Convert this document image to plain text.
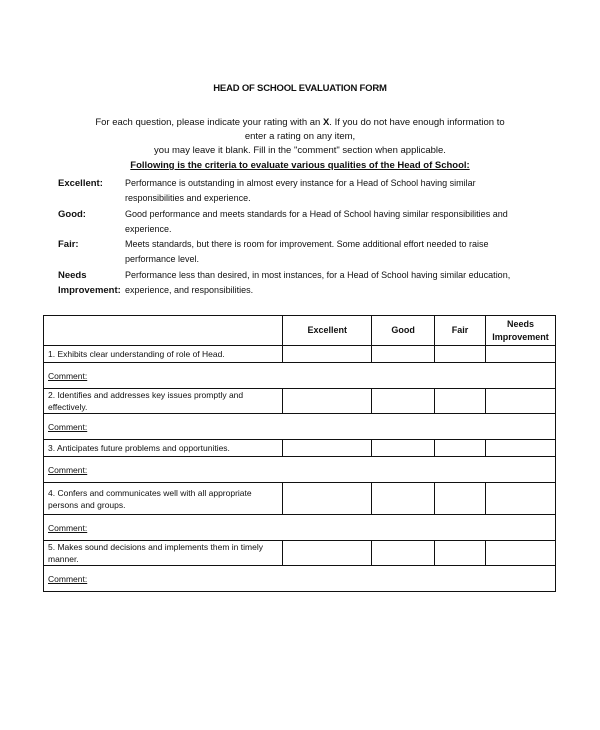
HEAD OF SCHOOL EVALUATION FORM
For each question, please indicate your rating with an X. If you do not have enough information to enter a rating on any item,
you may leave it blank. Fill in the "comment" section when applicable.
Following is the criteria to evaluate various qualities of the Head of School:
Excellent:	Performance is outstanding in almost every instance for a Head of School having similar responsibilities and experience.
Good:	Good performance and meets standards for a Head of School having similar responsibilities and experience.
Fair:	Meets standards, but there is room for improvement. Some additional effort needed to raise performance level.
Needs Improvement:
Performance less than desired, in most instances, for a Head of School having similar education, experience, and responsibilities.
	Excellent	Good	Fair	Needs Improvement
1. Exhibits clear understanding of role of Head.				
Comment:				
2. Identifies and addresses key issues promptly and effectively.				
Comment:				
3. Anticipates future problems and opportunities.				
Comment:				
4. Confers and communicates well with all appropriate persons and groups.				
Comment:				
5. Makes sound decisions and implements them in timely manner.				
Comment:				
